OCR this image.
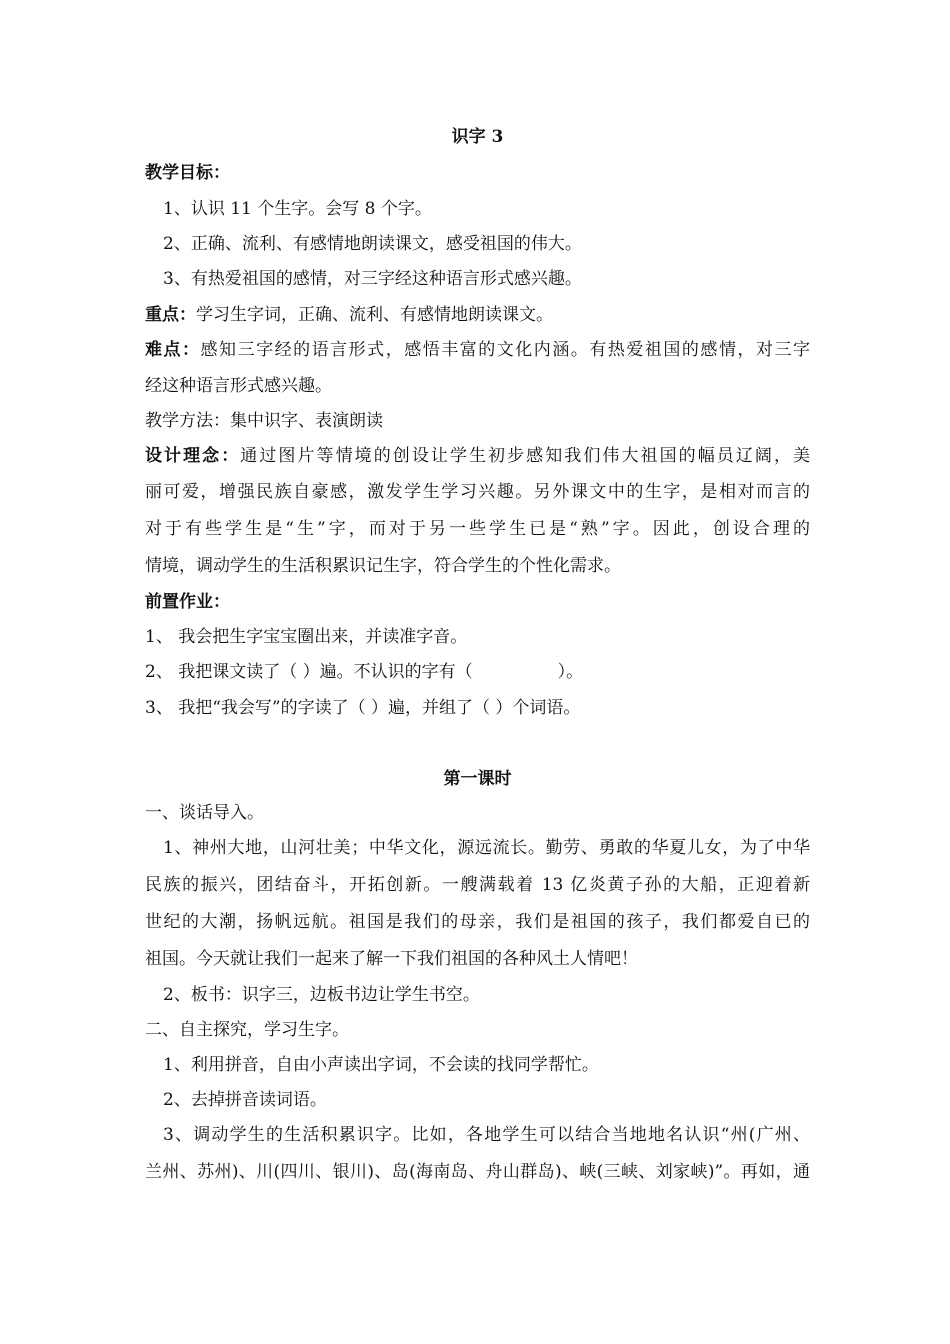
识字 3
教学目标：
1、认识 11 个生字。会写 8 个字。
2、正确、流利、有感情地朗读课文，感受祖国的伟大。
3、有热爱祖国的感情，对三字经这种语言形式感兴趣。
重点：学习生字词，正确、流利、有感情地朗读课文。
难点：感知三字经的语言形式，感悟丰富的文化内涵。有热爱祖国的感情，对三字
经这种语言形式感兴趣。
教学方法：集中识字、表演朗读
设计理念：通过图片等情境的创设让学生初步感知我们伟大祖国的幅员辽阔，美
丽可爱，增强民族自豪感，激发学生学习兴趣。另外课文中的生字，是相对而言的
对于有些学生是“生”字，而对于另一些学生已是“熟”字。因此，创设合理的
情境，调动学生的生活积累识记生字，符合学生的个性化需求。
前置作业：
1、 我会把生字宝宝圈出来，并读准字音。
2、 我把课文读了（ ）遍。不认识的字有（　　　　　）。
3、 我把“我会写”的字读了（ ）遍，并组了（ ）个词语。
第一课时
一、谈话导入。
1、神州大地，山河壮美；中华文化，源远流长。勤劳、勇敢的华夏儿女，为了中华
民族的振兴，团结奋斗，开拓创新。一艘满载着 13 亿炎黄子孙的大船，正迎着新
世纪的大潮，扬帆远航。祖国是我们的母亲，我们是祖国的孩子，我们都爱自已的
祖国。今天就让我们一起来了解一下我们祖国的各种风土人情吧！
2、板书：识字三，边板书边让学生书空。
二、自主探究，学习生字。
1、利用拼音，自由小声读出字词，不会读的找同学帮忙。
2、去掉拼音读词语。
3、调动学生的生活积累识字。比如，各地学生可以结合当地地名认识“州(广州、
兰州、苏州)、川(四川、银川)、岛(海南岛、舟山群岛)、峡(三峡、刘家峡)”。再如，通
